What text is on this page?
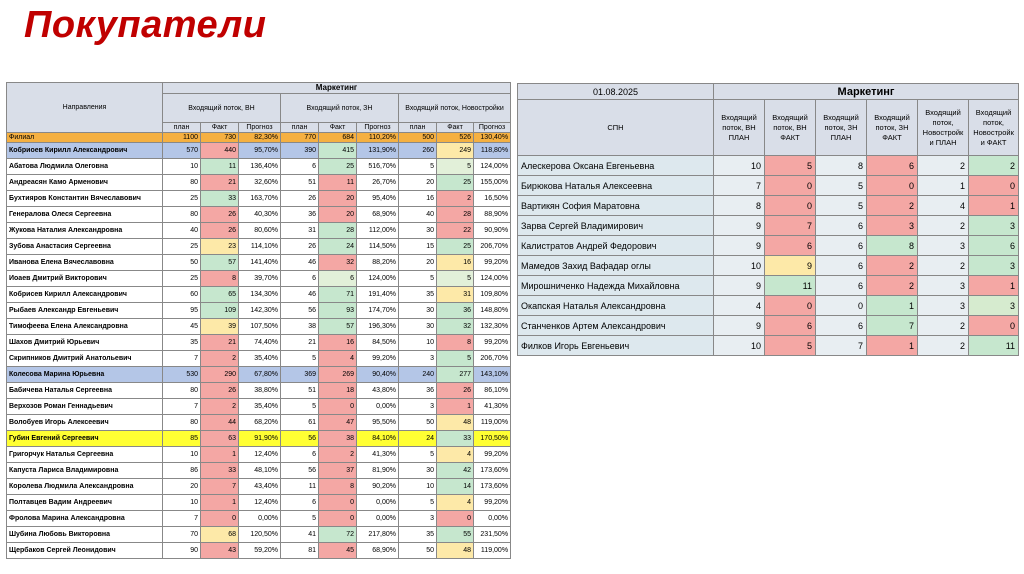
Покупатели
Направления	Маркетинг								
	Входящий поток, ВН			Входящий поток, ЗН			Входящий поток, Новостройки		
	план	Факт	Прогноз	план	Факт	Прогноз	план	Факт	Прогноз
Филиал	1100	730	82,30%	770	684	110,20%	500	526	130,40%
Кобриоев Кирилл Александрович	570	440	95,70%	390	415	131,90%	260	249	118,80%
Абатова Людмила Олеговна	10	11	136,40%	6	25	516,70%	5	5	124,00%
Андреасян Камо Арменович	80	21	32,60%	51	11	26,70%	20	25	155,00%
Бухтияров Константин Вячеславович	25	33	163,70%	26	20	95,40%	16	2	16,50%
Генералова Олеся Сергеевна	80	26	40,30%	36	20	68,90%	40	28	88,90%
Жукова Наталия Александровна	40	26	80,60%	31	28	112,00%	30	22	90,90%
Зубова Анастасия Сергеевна	25	23	114,10%	26	24	114,50%	15	25	206,70%
Иванова Елена Вячеславовна	50	57	141,40%	46	32	88,20%	20	16	99,20%
Иоаев Дмитрий Викторович	25	8	39,70%	6	6	124,00%	5	5	124,00%
Кобрисев Кирилл Александрович	60	65	134,30%	46	71	191,40%	35	31	109,80%
Рыбаев Александр Евгеньевич	95	109	142,30%	56	93	174,70%	30	36	148,80%
Тимофеева Елена Александровна	45	39	107,50%	38	57	196,30%	30	32	132,30%
Шахов Дмитрий Юрьевич	35	21	74,40%	21	16	84,50%	10	8	99,20%
Скрипников Дмитрий Анатольевич	7	2	35,40%	5	4	99,20%	3	5	206,70%
Колесова Марина Юрьевна	530	290	67,80%	369	269	90,40%	240	277	143,10%
Бабичева Наталья Сергеевна	80	26	38,80%	51	18	43,80%	36	26	86,10%
Верхозов Роман Геннадьевич	7	2	35,40%	5	0	0,00%	3	1	41,30%
Волобуев Игорь Алексеевич	80	44	68,20%	61	47	95,50%	50	48	119,00%
Губин Евгений Сергеевич	85	63	91,90%	56	38	84,10%	24	33	170,50%
Григорчук Наталья Сергеевна	10	1	12,40%	6	2	41,30%	5	4	99,20%
Капуста Лариса Владимировна	86	33	48,10%	56	37	81,90%	30	42	173,60%
Королева Людмила Александровна	20	7	43,40%	11	8	90,20%	10	14	173,60%
Полтавцев Вадим Андреевич	10	1	12,40%	6	0	0,00%	5	4	99,20%
Фролова Марина Александровна	7	0	0,00%	5	0	0,00%	3	0	0,00%
Шубина Любовь Викторовна	70	68	120,50%	41	72	217,80%	35	55	231,50%
Щербаков Сергей Леонидович	90	43	59,20%	81	45	68,90%	50	48	119,00%
01.08.2025	Маркетинг					
СПН	Входящий поток, ВН ПЛАН	Входящий поток, ВН ФАКТ	Входящий поток, ЗН ПЛАН	Входящий поток, ЗН ФАКТ	Входящий поток, Новостройк и ПЛАН	Входящий поток, Новостройк и ФАКТ
Алескерова Оксана Евгеньевна	10	5	8	6	2	2
Бирюкова Наталья Алексеевна	7	0	5	0	1	0
Вартикян София Маратовна	8	0	5	2	4	1
Зарва Сергей Владимирович	9	7	6	3	2	3
Калистратов Андрей Федорович	9	6	6	8	3	6
Мамедов Захид Вафадар оглы	10	9	6	2	2	3
Мирошниченко Надежда Михайловна	9	11	6	2	3	1
Окапская Наталья Александровна	4	0	0	1	3	3
Станченков Артем Александрович	9	6	6	7	2	0
Филков Игорь Евгеньевич	10	5	7	1	2	11
